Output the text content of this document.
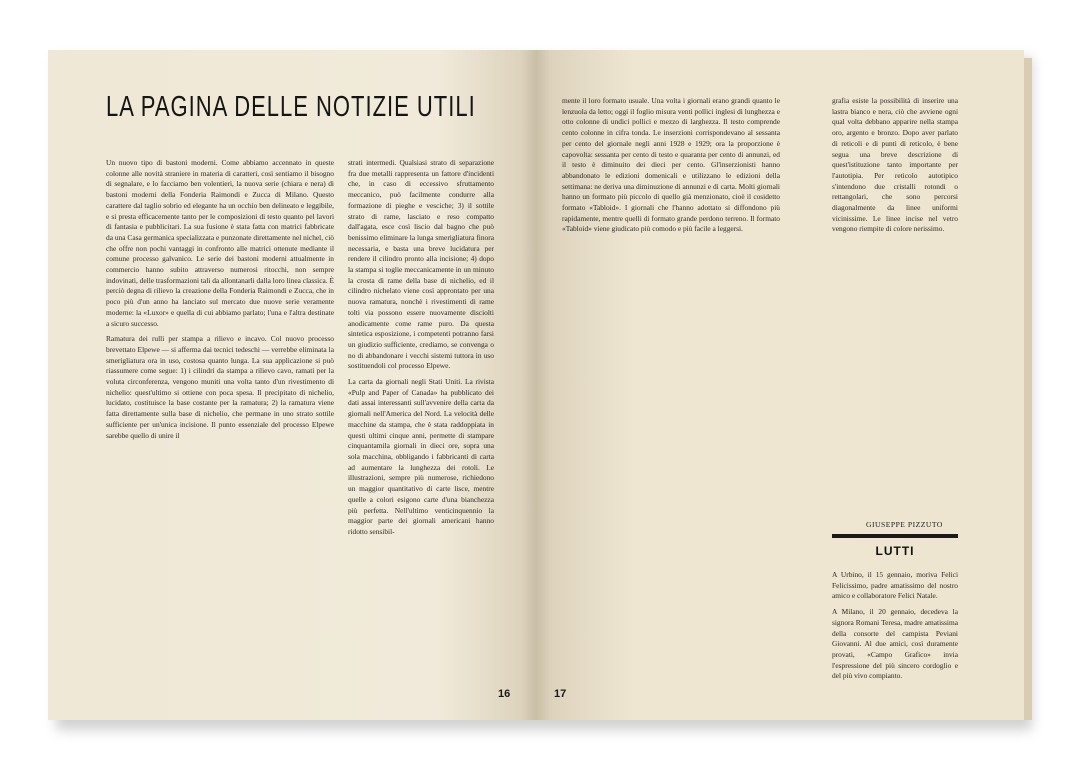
LA PAGINA DELLE NOTIZIE UTILI

Un nuovo tipo di bastoni moderni. Come abbiamo accennato in queste colonne alle novità straniere in materia di caratteri, così sentiamo il bisogno di segnalare, e lo facciamo ben volentieri, la nuova serie (chiara e nera) di bastoni moderni della Fonderia Raimondi e Zucca di Milano. Questo carattere dal taglio sobrio ed elegante ha un occhio ben delineato e leggibile, e si presta efficacemente tanto per le composizioni di testo quanto pel lavori di fantasia e pubblicitari. La sua fusione è stata fatta con matrici fabbricate da una Casa germanica specializzata e punzonate direttamente nel nichel, ciò che offre non pochi vantaggi in confronto alle matrici ottenute mediante il comune processo galvanico. Le serie dei bastoni moderni attualmente in commercio hanno subito attraverso numerosi ritocchi, non sempre indovinati, delle trasformazioni tali da allontanarli dalla loro linea classica. È perciò degna di rilievo la creazione della Fonderia Raimondi e Zucca, che in poco più d'un anno ha lanciato sul mercato due nuove serie veramente moderne: la «Luxor» e quella di cui abbiamo parlato; l'una e l'altra destinate a sicuro successo.

Ramatura dei rulli per stampa a rilievo e incavo. Col nuovo processo brevettato Elpewe — si afferma dai tecnici tedeschi — verrebbe eliminata la smerigliatura ora in uso, costosa quanto lunga. La sua applicazione si può riassumere come segue: 1) i cilindri da stampa a rilievo cavo, ramati per la voluta circonferenza, vengono muniti una volta tanto d'un rivestimento di nichelio: quest'ultimo si ottiene con poca spesa. Il precipitato di nichelio, lucidato, costituisce la base costante per la ramatura; 2) la ramatura viene fatta direttamente sulla base di nichelio, che permane in uno strato sottile sufficiente per un'unica incisione. Il punto essenziale del processo Elpewe sarebbe quello di unire il

strati intermedi. Qualsiasi strato di separazione fra due metalli rappresenta un fattore d'incidenti che, in caso di eccessivo sfruttamento meccanico, può facilmente condurre alla formazione di pieghe e vesciche; 3) il sottile strato di rame, lasciato e reso compatto dall'agata, esce così liscio dal bagno che può benissimo eliminare la lunga smerigliatura finora necessaria, e basta una breve lucidatura per rendere il cilindro pronto alla incisione; 4) dopo la stampa si toglie meccanicamente in un minuto la crosta di rame della base di nichelio, ed il cilindro nichelato viene così approntato per una nuova ramatura, nonchè i rivestimenti di rame tolti via possono essere nuovamente disciolti anodicamente come rame puro. Da questa sintetica esposizione, i competenti potranno farsi un giudizio sufficiente, crediamo, se convenga o no di abbandonare i vecchi sistemi tuttora in uso sostituendoli col processo Elpewe.

La carta da giornali negli Stati Uniti. La rivista «Pulp and Paper of Canada» ha pubblicato dei dati assai interessanti sull'avvenire della carta da giornali nell'America del Nord. La velocità delle macchine da stampa, che è stata raddoppiata in questi ultimi cinque anni, permette di stampare cinquantamila giornali in dieci ore, sopra una sola macchina, obbligando i fabbricanti di carta ad aumentare la lunghezza dei rotoli. Le illustrazioni, sempre più numerose, richiedono un maggior quantitativo di carte lisce, mentre quelle a colori esigono carte d'una bianchezza più perfetta. Nell'ultimo venticinquennio la maggior parte dei giornali americani hanno ridotto sensibil-

16

mente il loro formato usuale. Una volta i giornali erano grandi quanto le lenzuola da letto; oggi il foglio misura venti pollici inglesi di lunghezza e otto colonne di undici pollici e mezzo di larghezza. Il testo comprende cento colonne in cifra tonda. Le inserzioni corrispondevano al sessanta per cento del giornale negli anni 1928 e 1929; ora la proporzione è capovolta: sessanta per cento di testo e quaranta per cento di annunzi, ed il testo è diminuito dei dieci per cento. Gl'inserzionisti hanno abbandonato le edizioni domenicali e utilizzano le edizioni della settimana: ne deriva una diminuzione di annunzi e di carta. Molti giornali hanno un formato più piccolo di quello già menzionato, cioè il cosidetto formato «Tabloid». I giornali che l'hanno adottato si diffondono più rapidamente, mentre quelli di formato grande perdono terreno. Il formato «Tabloid» viene giudicato più comodo e più facile a leggersi.

grafia esiste la possibilità di inserire una lastra bianco e nera, ciò che avviene ogni qual volta debbano apparire nella stampa oro, argento e bronzo. Dopo aver parlato di reticoli e di punti di reticolo, è bene segua una breve descrizione di quest'istituzione tanto importante per l'autotipia. Per reticolo autotipico s'intendono due cristalli rotondi o rettangolari, che sono percorsi diagonalmente da linee uniformi vicinissime. Le linee incise nel vetro vengono riempite di colore nerissimo.

GIUSEPPE PIZZUTO
LUTTI

A Urbino, il 15 gennaio, moriva Felici Felicissimo, padre amatissimo del nostro amico e collaboratore Felici Natale.

A Milano, il 20 gennaio, decedeva la signora Romani Teresa, madre amatissima della consorte del campista Peviani Giovanni. Al due amici, così duramente provati, «Campo Grafico» invia l'espressione del più sincero cordoglio e del più vivo compianto.

17
